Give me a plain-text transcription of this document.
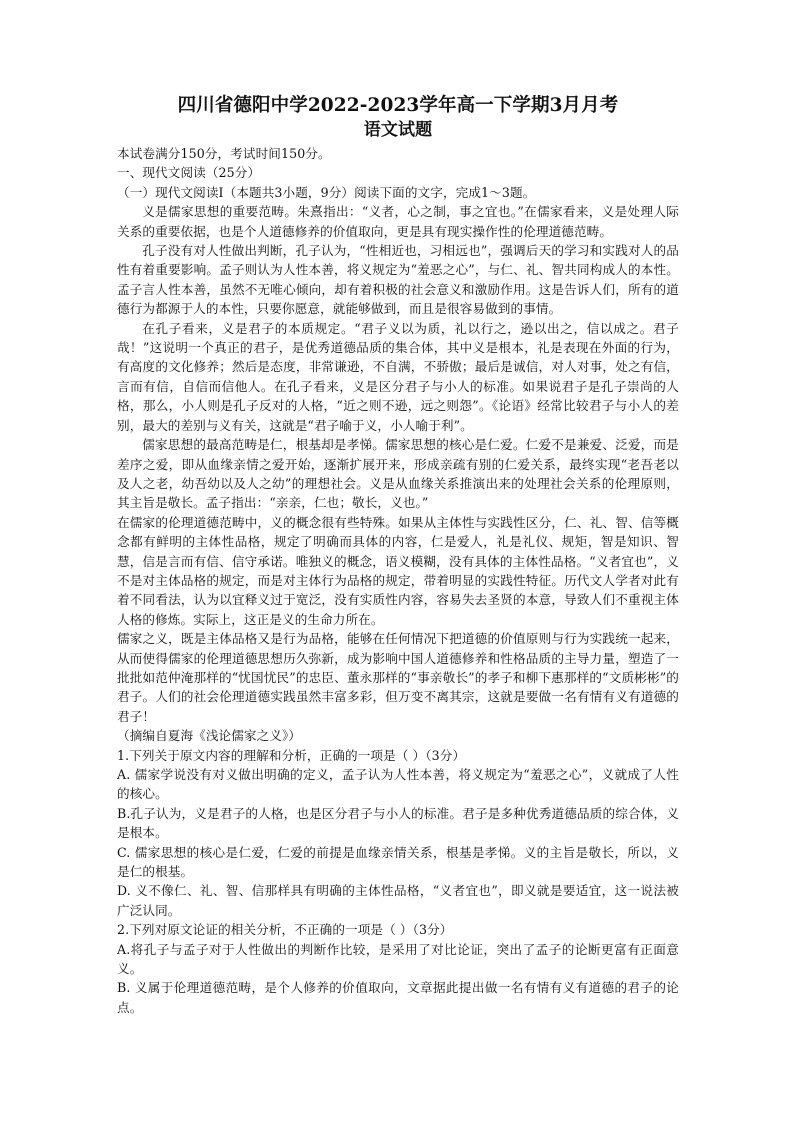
四川省德阳中学2022-2023学年高一下学期3月月考
语文试题

本试卷满分150分，考试时间150分。

一、现代文阅读（25分）

（一）现代文阅读Ⅰ（本题共3小题，9分）阅读下面的文字，完成1～3题。

义是儒家思想的重要范畴。朱熹指出：“义者，心之制，事之宜也。”在儒家看来，义是处理人际关系的重要依据，也是个人道德修养的价值取向，更是具有现实操作性的伦理道德范畴。

孔子没有对人性做出判断，孔子认为，“性相近也，习相远也”，强调后天的学习和实践对人的品性有着重要影响。孟子则认为人性本善，将义规定为“羞恶之心”，与仁、礼、智共同构成人的本性。孟子言人性本善，虽然不无唯心倾向，却有着积极的社会意义和激励作用。这是告诉人们，所有的道德行为都源于人的本性，只要你愿意，就能够做到，而且是很容易做到的事情。

在孔子看来，义是君子的本质规定。“君子义以为质，礼以行之，逊以出之，信以成之。君子哉！”这说明一个真正的君子，是优秀道德品质的集合体，其中义是根本，礼是表现在外面的行为，有高度的文化修养；然后是态度，非常谦逊，不自满，不骄傲；最后是诚信，对人对事，处之有信，言而有信，自信而信他人。在孔子看来，义是区分君子与小人的标准。如果说君子是孔子崇尚的人格，那么，小人则是孔子反对的人格，“近之则不逊，远之则怨”。《论语》经常比较君子与小人的差别，最大的差别与义有关，这就是“君子喻于义，小人喻于利”。

儒家思想的最高范畴是仁，根基却是孝悌。儒家思想的核心是仁爱。仁爱不是兼爱、泛爱，而是差序之爱，即从血缘亲情之爱开始，逐渐扩展开来，形成亲疏有别的仁爱关系，最终实现“老吾老以及人之老，幼吾幼以及人之幼”的理想社会。义是从血缘关系推演出来的处理社会关系的伦理原则，其主旨是敬长。孟子指出：“亲亲，仁也；敬长，义也。”

在儒家的伦理道德范畴中，义的概念很有些特殊。如果从主体性与实践性区分，仁、礼、智、信等概念都有鲜明的主体性品格，规定了明确而具体的内容，仁是爱人，礼是礼仪、规矩，智是知识、智慧，信是言而有信、信守承诺。唯独义的概念，语义模糊，没有具体的主体性品格。“义者宜也”，义不是对主体品格的规定，而是对主体行为品格的规定，带着明显的实践性特征。历代文人学者对此有着不同看法，认为以宜释义过于宽泛，没有实质性内容，容易失去圣贤的本意，导致人们不重视主体人格的修炼。实际上，这正是义的生命力所在。

儒家之义，既是主体品格又是行为品格，能够在任何情况下把道德的价值原则与行为实践统一起来，从而使得儒家的伦理道德思想历久弥新，成为影响中国人道德修养和性格品质的主导力量，塑造了一批批如范仲淹那样的“忧国忧民”的忠臣、董永那样的“事亲敬长”的孝子和柳下惠那样的“文质彬彬”的君子。人们的社会伦理道德实践虽然丰富多彩，但万变不离其宗，这就是要做一名有情有义有道德的君子！

（摘编自夏海《浅论儒家之义》）

1.下列关于原文内容的理解和分析，正确的一项是（ ）（3分）

A. 儒家学说没有对义做出明确的定义，孟子认为人性本善，将义规定为“羞恶之心”，义就成了人性的核心。

B.孔子认为，义是君子的人格，也是区分君子与小人的标准。君子是多种优秀道德品质的综合体，义是根本。

C. 儒家思想的核心是仁爱，仁爱的前提是血缘亲情关系，根基是孝悌。义的主旨是敬长，所以，义是仁的根基。

D. 义不像仁、礼、智、信那样具有明确的主体性品格，“义者宜也”，即义就是要适宜，这一说法被广泛认同。

2.下列对原文论证的相关分析，不正确的一项是（ ）（3分）

A.将孔子与孟子对于人性做出的判断作比较，是采用了对比论证，突出了孟子的论断更富有正面意义。

B. 义属于伦理道德范畴，是个人修养的价值取向，文章据此提出做一名有情有义有道德的君子的论点。
